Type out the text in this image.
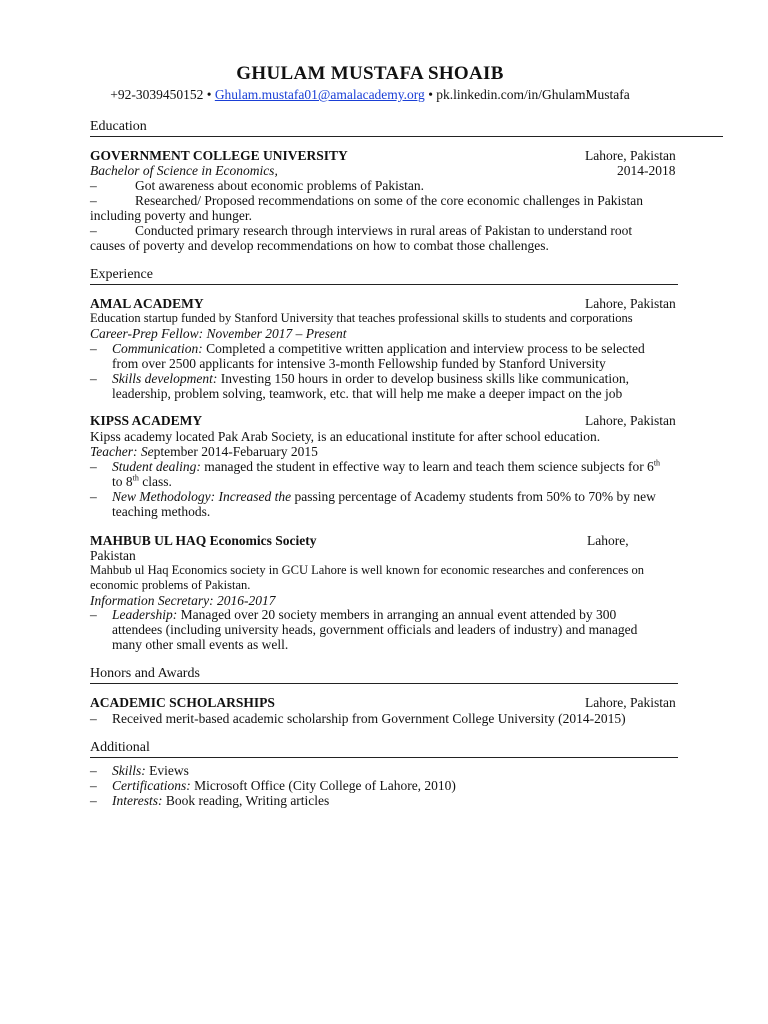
GHULAM MUSTAFA SHOAIB
+92-3039450152 • Ghulam.mustafa01@amalacademy.org • pk.linkedin.com/in/GhulamMustafa
Education
GOVERNMENT COLLEGE UNIVERSITY	Lahore, Pakistan
Bachelor of Science in Economics,	2014-2018
–	Got awareness about economic problems of Pakistan.
–	Researched/ Proposed recommendations on some of the core economic challenges in Pakistan
including poverty and hunger.
–	Conducted primary research through interviews in rural areas of Pakistan to understand root
causes of poverty and develop recommendations on how to combat those challenges.
Experience
AMAL ACADEMY	Lahore, Pakistan
Education startup funded by Stanford University that teaches professional skills to students and corporations
Career-Prep Fellow: November 2017 – Present
– Communication: Completed a competitive written application and interview process to be selected
from over 2500 applicants for intensive 3-month Fellowship funded by Stanford University
– Skills development: Investing 150 hours in order to develop business skills like communication,
leadership, problem solving, teamwork, etc. that will help me make a deeper impact on the job
KIPSS ACADEMY	Lahore, Pakistan
Kipss academy located Pak Arab Society, is an educational institute for after school education.
Teacher: September 2014-Febaruary 2015
– Student dealing: managed the student in effective way to learn and teach them science subjects for 6th
to 8th class.
– New Methodology: Increased the passing percentage of Academy students from 50% to 70% by new
teaching methods.
MAHBUB UL HAQ Economics Society	Lahore,
Pakistan
Mahbub ul Haq Economics society in GCU Lahore is well known for economic researches and conferences on
economic problems of Pakistan.
Information Secretary: 2016-2017
– Leadership: Managed over 20 society members in arranging an annual event attended by 300
attendees (including university heads, government officials and leaders of industry) and managed
many other small events as well.
Honors and Awards
ACADEMIC SCHOLARSHIPS	Lahore, Pakistan
– Received merit-based academic scholarship from Government College University (2014-2015)
Additional
– Skills: Eviews
– Certifications: Microsoft Office (City College of Lahore, 2010)
– Interests: Book reading, Writing articles
